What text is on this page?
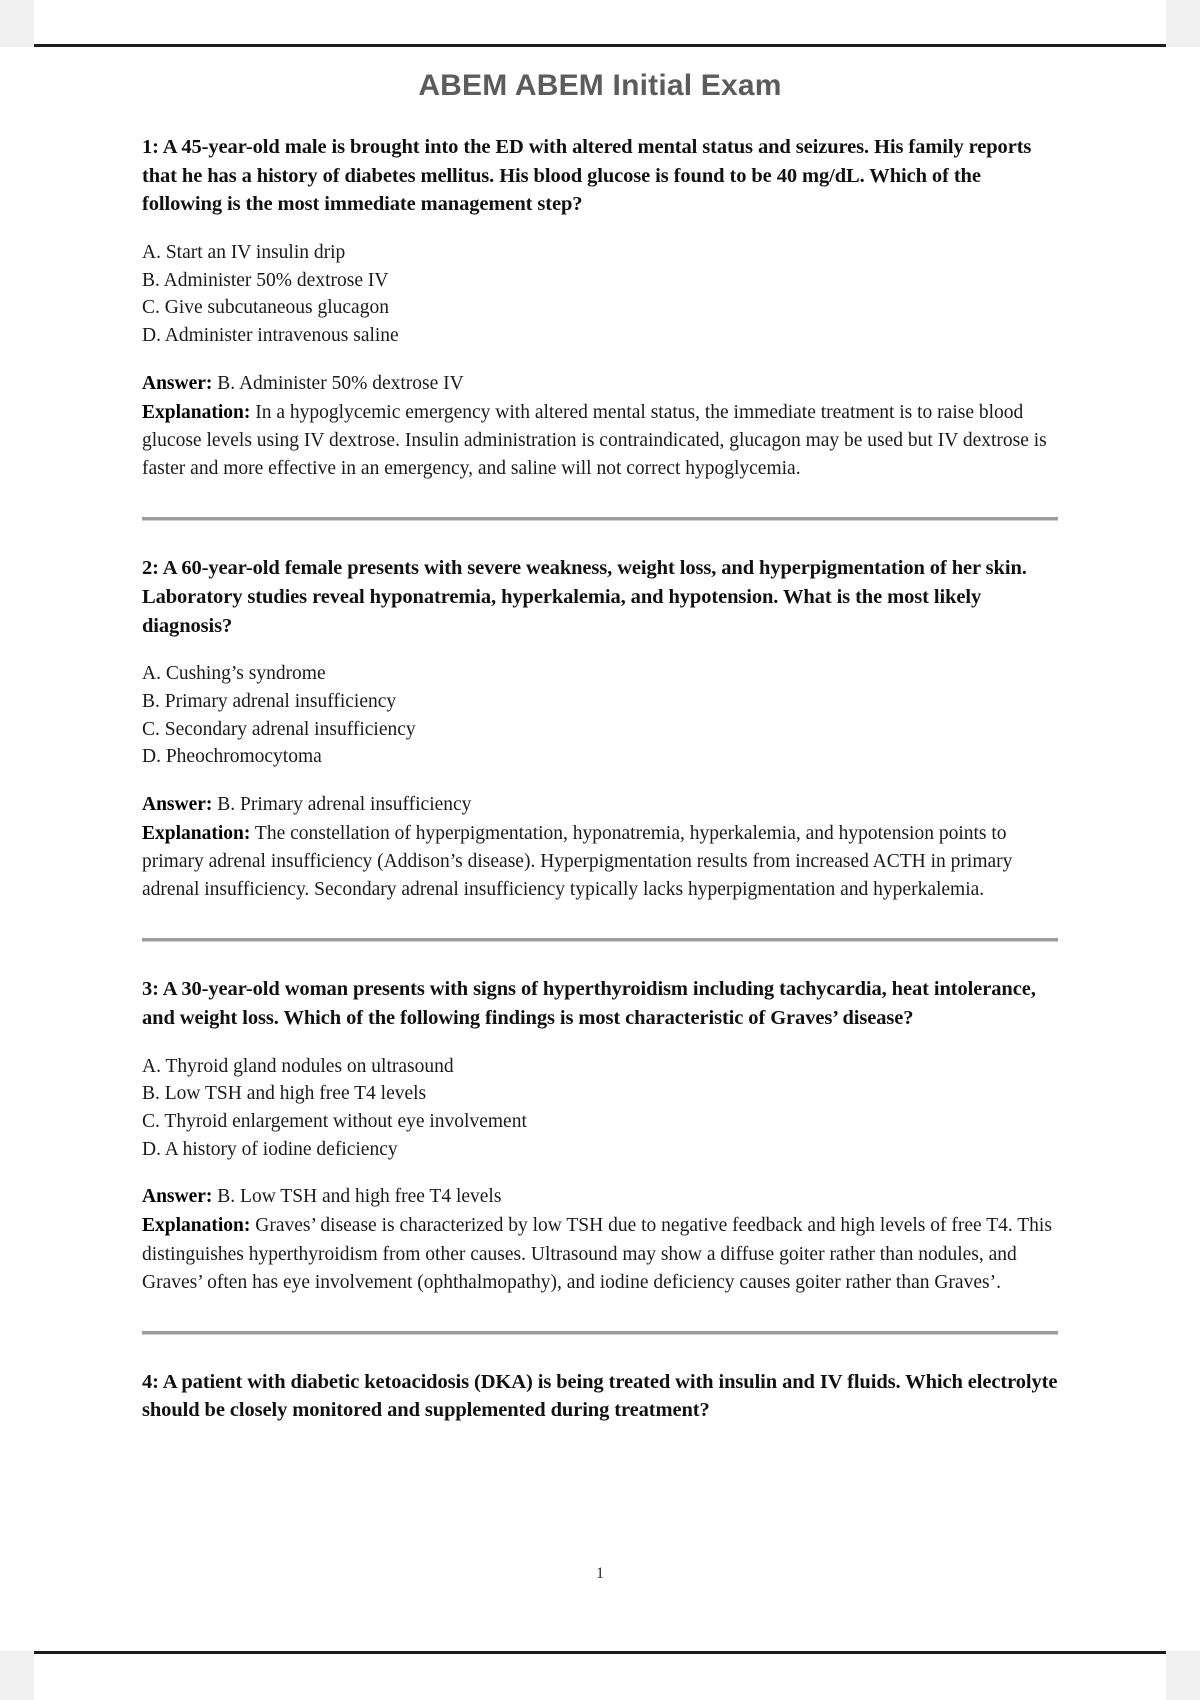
ABEM ABEM Initial Exam

1: A 45-year-old male is brought into the ED with altered mental status and seizures. His family reports that he has a history of diabetes mellitus. His blood glucose is found to be 40 mg/dL. Which of the following is the most immediate management step?

A. Start an IV insulin drip
B. Administer 50% dextrose IV
C. Give subcutaneous glucagon
D. Administer intravenous saline

Answer: B. Administer 50% dextrose IV

Explanation: In a hypoglycemic emergency with altered mental status, the immediate treatment is to raise blood glucose levels using IV dextrose. Insulin administration is contraindicated, glucagon may be used but IV dextrose is faster and more effective in an emergency, and saline will not correct hypoglycemia.

2: A 60-year-old female presents with severe weakness, weight loss, and hyperpigmentation of her skin. Laboratory studies reveal hyponatremia, hyperkalemia, and hypotension. What is the most likely diagnosis?

A. Cushing’s syndrome
B. Primary adrenal insufficiency
C. Secondary adrenal insufficiency
D. Pheochromocytoma

Answer: B. Primary adrenal insufficiency

Explanation: The constellation of hyperpigmentation, hyponatremia, hyperkalemia, and hypotension points to primary adrenal insufficiency (Addison’s disease). Hyperpigmentation results from increased ACTH in primary adrenal insufficiency. Secondary adrenal insufficiency typically lacks hyperpigmentation and hyperkalemia.

3: A 30-year-old woman presents with signs of hyperthyroidism including tachycardia, heat intolerance, and weight loss. Which of the following findings is most characteristic of Graves’ disease?

A. Thyroid gland nodules on ultrasound
B. Low TSH and high free T4 levels
C. Thyroid enlargement without eye involvement
D. A history of iodine deficiency

Answer: B. Low TSH and high free T4 levels

Explanation: Graves’ disease is characterized by low TSH due to negative feedback and high levels of free T4. This distinguishes hyperthyroidism from other causes. Ultrasound may show a diffuse goiter rather than nodules, and Graves’ often has eye involvement (ophthalmopathy), and iodine deficiency causes goiter rather than Graves’.

4: A patient with diabetic ketoacidosis (DKA) is being treated with insulin and IV fluids. Which electrolyte should be closely monitored and supplemented during treatment?

1
